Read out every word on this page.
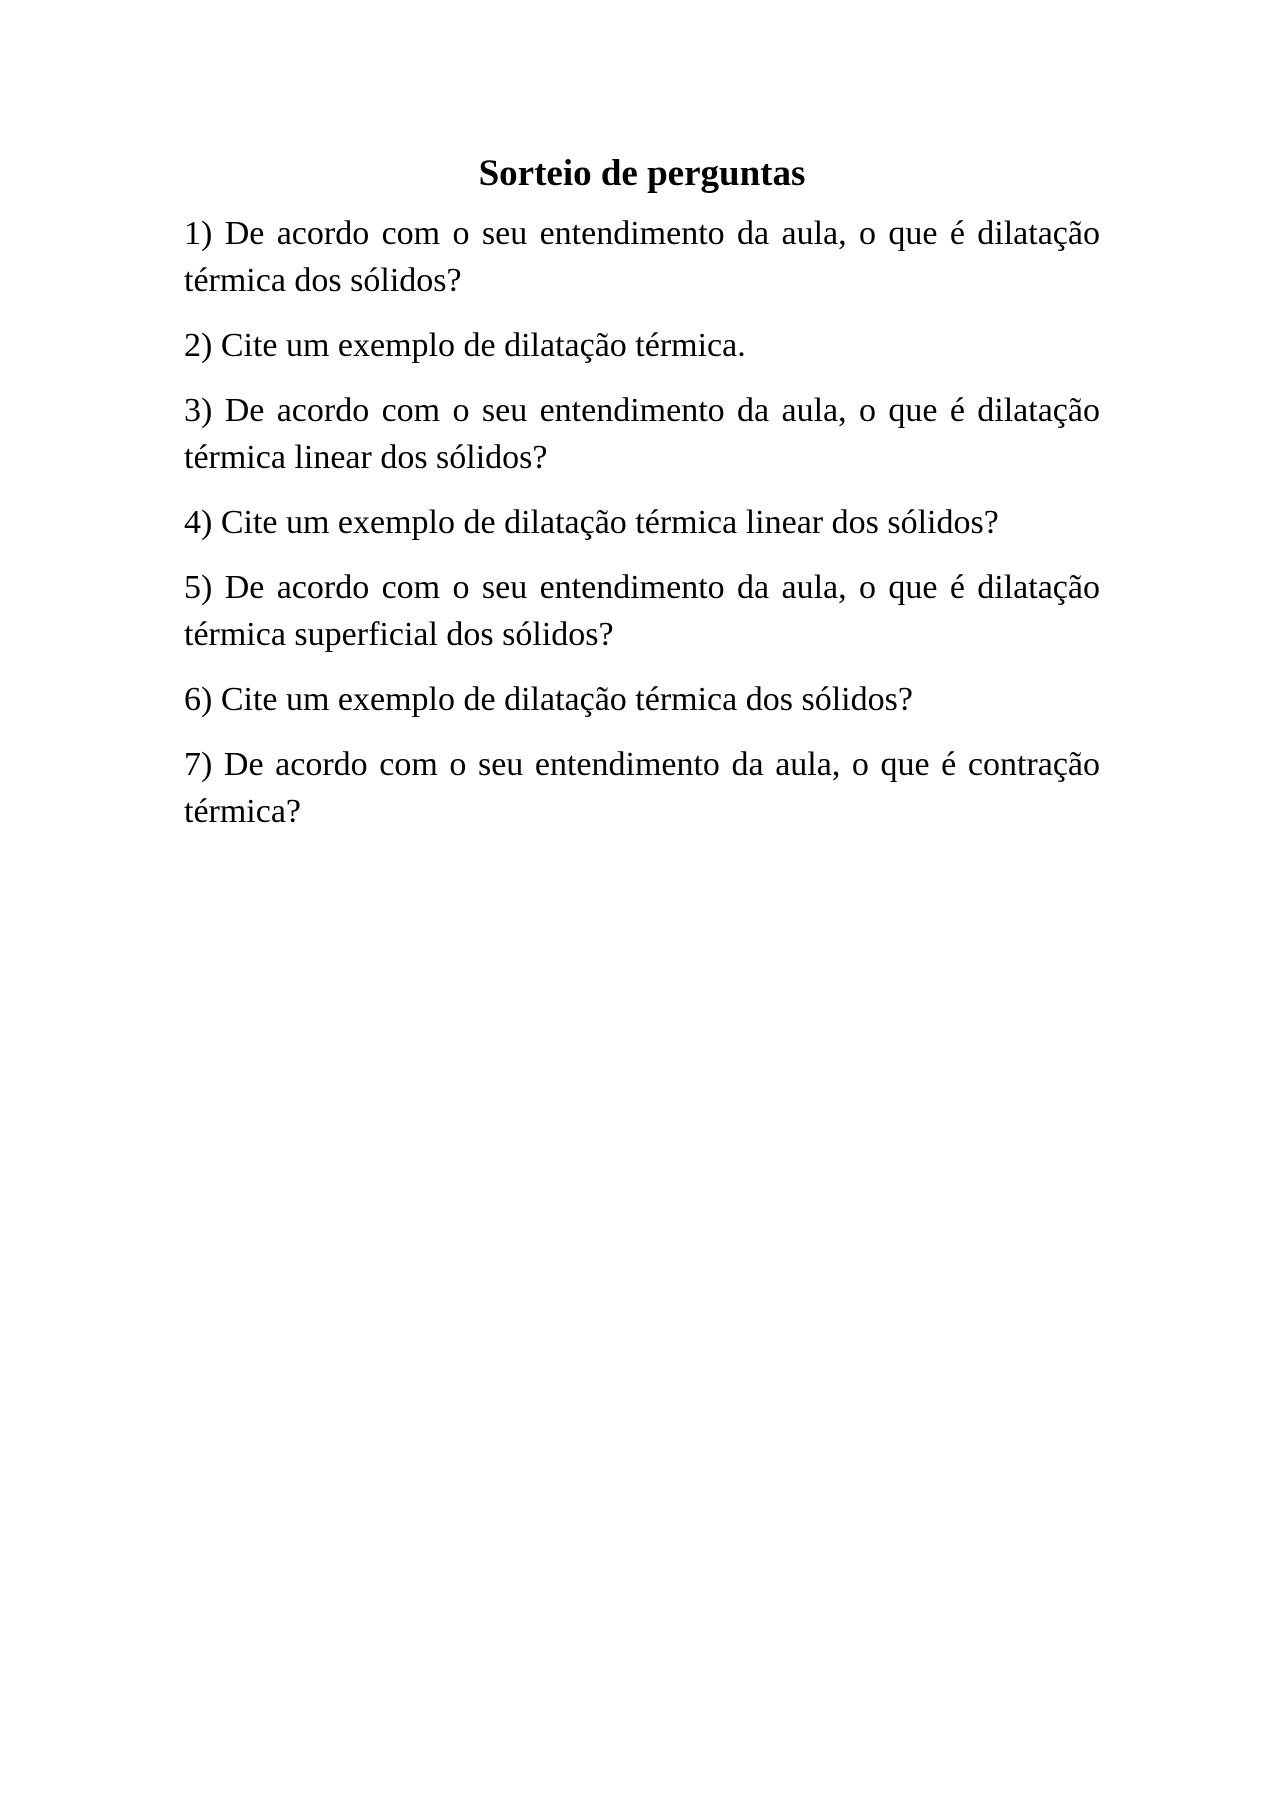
Sorteio de perguntas

1) De acordo com o seu entendimento da aula, o que é dilatação térmica dos sólidos?

2) Cite um exemplo de dilatação térmica.

3) De acordo com o seu entendimento da aula, o que é dilatação térmica linear dos sólidos?

4) Cite um exemplo de dilatação térmica linear dos sólidos?

5) De acordo com o seu entendimento da aula, o que é dilatação térmica superficial dos sólidos?

6) Cite um exemplo de dilatação térmica dos sólidos?

7) De acordo com o seu entendimento da aula, o que é contração térmica?
